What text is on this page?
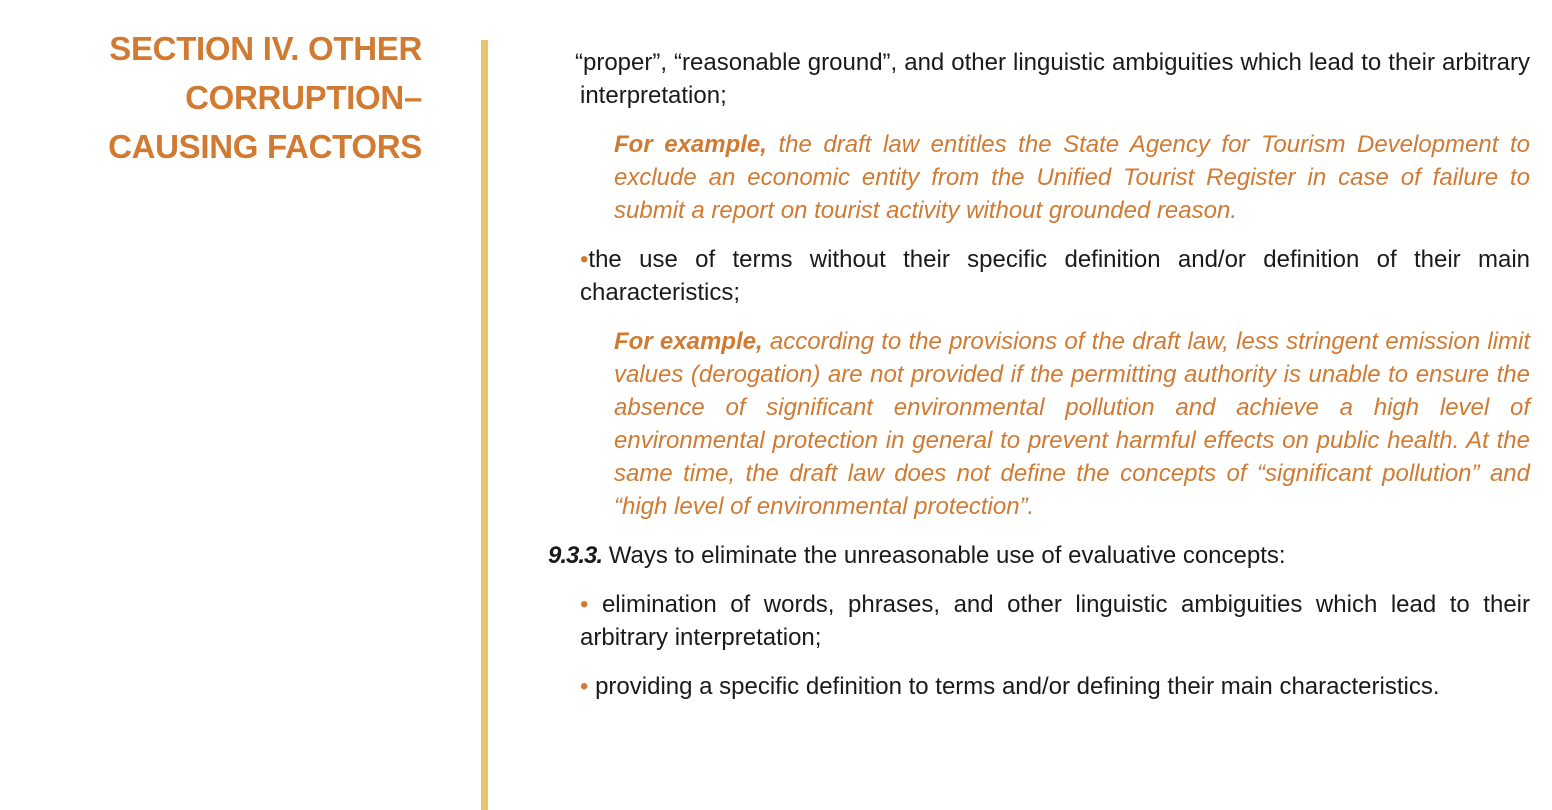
SECTION IV. OTHER
CORRUPTION–
CAUSING FACTORS

“proper”, “reasonable ground”, and other linguistic ambiguities which lead to their arbitrary interpretation;

For example, the draft law entitles the State Agency for Tourism Development to exclude an economic entity from the Unified Tourist Register in case of failure to submit a report on tourist activity without grounded reason.

•the use of terms without their specific definition and/or definition of their main characteristics;

For example, according to the provisions of the draft law, less stringent emission limit values (derogation) are not provided if the permitting authority is unable to ensure the absence of significant environmental pollution and achieve a high level of environmental protection in general to prevent harmful effects on public health. At the same time, the draft law does not define the concepts of “significant pollution” and “high level of environmental protection”.

9.3.3. Ways to eliminate the unreasonable use of evaluative concepts:

• elimination of words, phrases, and other linguistic ambiguities which lead to their arbitrary interpretation;

• providing a specific definition to terms and/or defining their main characteristics.
